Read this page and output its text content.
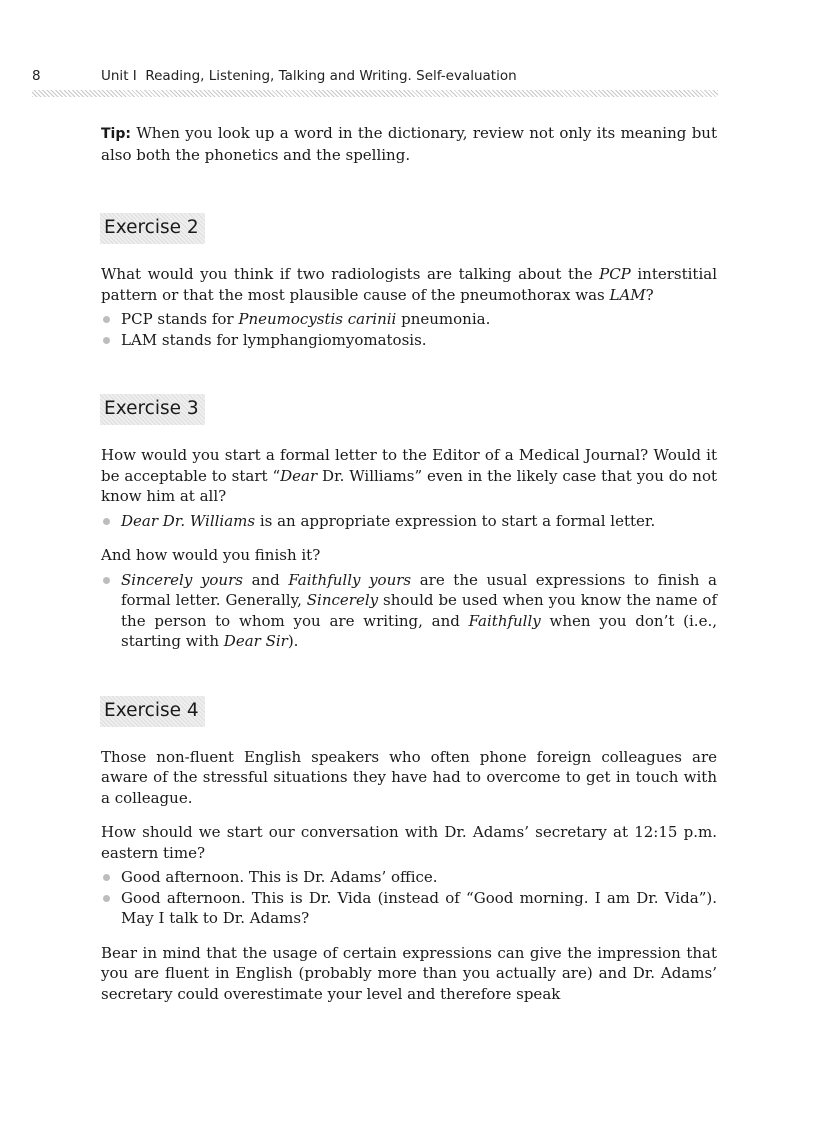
8	Unit I  Reading, Listening, Talking and Writing. Self-evaluation

Tip: When you look up a word in the dictionary, review not only its meaning but also both the phonetics and the spelling.

Exercise 2

What would you think if two radiologists are talking about the PCP interstitial pattern or that the most plausible cause of the pneumothorax was LAM?

PCP stands for Pneumocystis carinii pneumonia.
LAM stands for lymphangiomyomatosis.
Exercise 3

How would you start a formal letter to the Editor of a Medical Journal? Would it be acceptable to start “Dear Dr. Williams” even in the likely case that you do not know him at all?

Dear Dr. Williams is an appropriate expression to start a formal letter.

And how would you finish it?

Sincerely yours and Faithfully yours are the usual expressions to finish a formal letter. Generally, Sincerely should be used when you know the name of the person to whom you are writing, and Faithfully when you don’t (i.e., starting with Dear Sir).
Exercise 4

Those non-fluent English speakers who often phone foreign colleagues are aware of the stressful situations they have had to overcome to get in touch with a colleague.

How should we start our conversation with Dr. Adams’ secretary at 12:15 p.m. eastern time?

Good afternoon. This is Dr. Adams’ office.
Good afternoon. This is Dr. Vida (instead of “Good morning. I am Dr. Vida”). May I talk to Dr. Adams?

Bear in mind that the usage of certain expressions can give the impression that you are fluent in English (probably more than you actually are) and Dr. Adams’ secretary could overestimate your level and therefore speak
